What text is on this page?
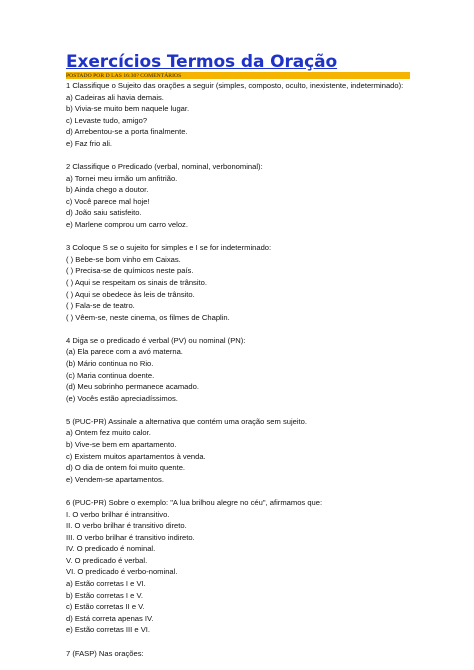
Exercícios Termos da Oração
POSTADO POR D LAS 16:30? COMENTÁRIOS
1 Classifique o Sujeito das orações a seguir (simples, composto, oculto, inexistente, indeterminado):
a) Cadeiras ali havia demais.
b) Vivia-se muito bem naquele lugar.
c) Levaste tudo, amigo?
d) Arrebentou-se a porta finalmente.
e) Faz frio ali.
2 Classifique o Predicado (verbal, nominal, verbonominal):
a) Tornei meu irmão um anfitrião.
b) Ainda chego a doutor.
c) Você parece mal hoje!
d) João saiu satisfeito.
e) Marlene comprou um carro veloz.
3 Coloque S se o sujeito for simples e I se for indeterminado:
( ) Bebe-se bom vinho em Caixas.
( ) Precisa-se de químicos neste país.
( ) Aqui se respeitam os sinais de trânsito.
( ) Aqui se obedece às leis de trânsito.
( ) Fala-se de teatro.
( ) Vêem-se, neste cinema, os filmes de Chaplin.
4 Diga se o predicado é verbal (PV) ou nominal (PN):
(a) Ela parece com a avó materna.
(b) Mário continua no Rio.
(c) Maria continua doente.
(d) Meu sobrinho permanece acamado.
(e) Vocês estão apreciadíssimos.
5 (PUC-PR) Assinale a alternativa que contém uma oração sem sujeito.
a) Ontem fez muito calor.
b) Vive-se bem em apartamento.
c) Existem muitos apartamentos à venda.
d) O dia de ontem foi muito quente.
e) Vendem-se apartamentos.
6 (PUC-PR) Sobre o exemplo: "A lua brilhou alegre no céu", afirmamos que:
I. O verbo brilhar é intransitivo.
II. O verbo brilhar é transitivo direto.
III. O verbo brilhar é transitivo indireto.
IV. O predicado é nominal.
V. O predicado é verbal.
VI. O predicado é verbo-nominal.
a) Estão corretas I e VI.
b) Estão corretas I e V.
c) Estão corretas II e V.
d) Está correta apenas IV.
e) Estão corretas III e VI.
7 (FASP) Nas orações:
